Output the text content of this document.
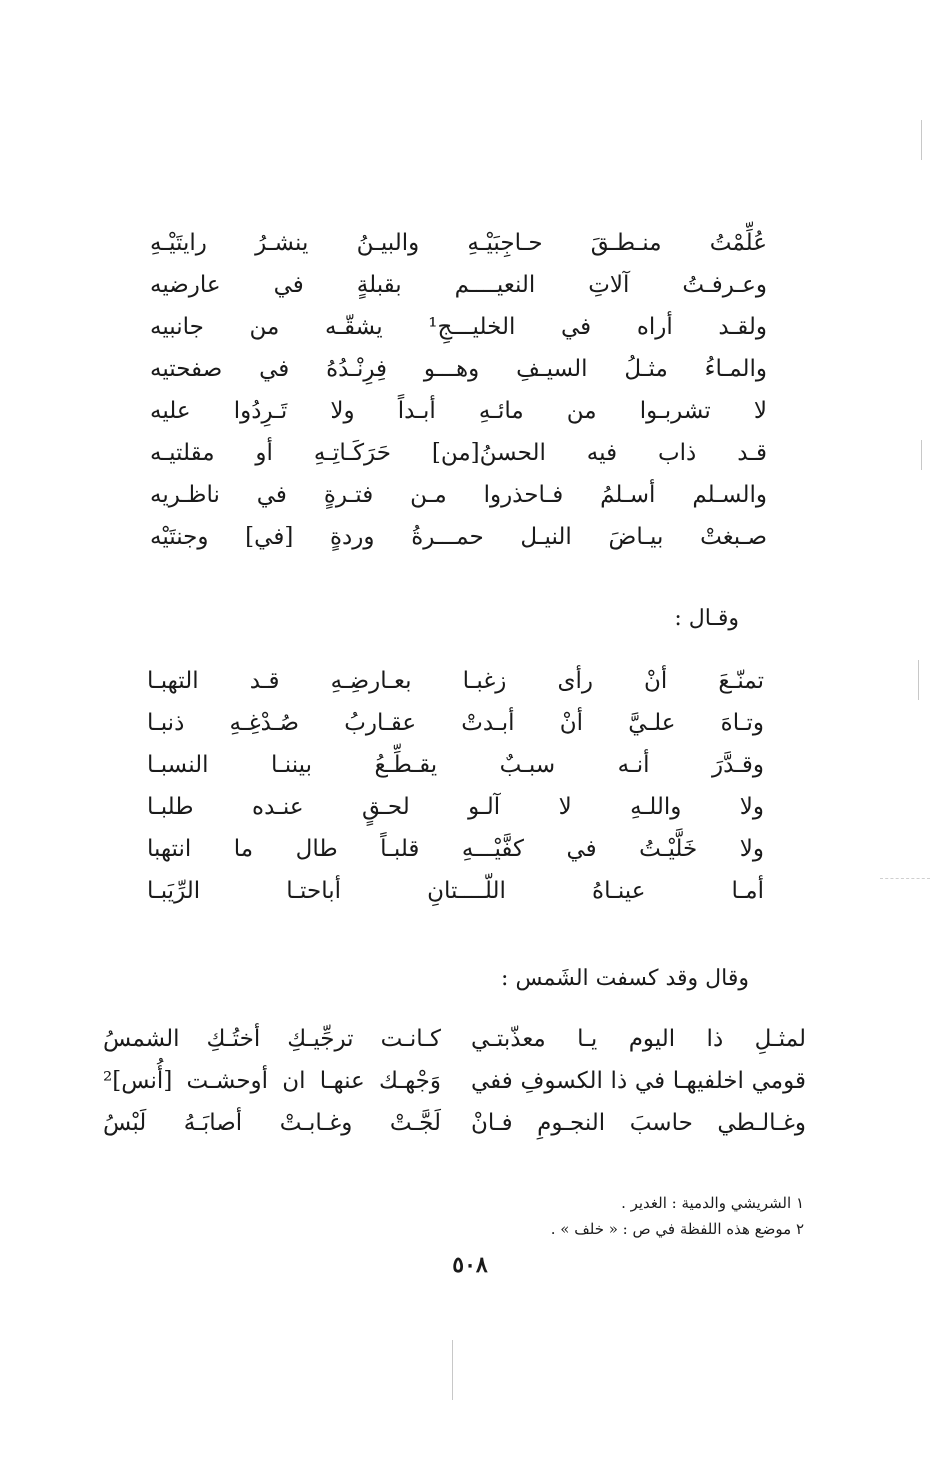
عُلِّمْتُ منـطـقَ حـاجِبَيْـهِ والبيـنُ ينشـرُ رايتَيْـهِ
وعـرفـتُ آلاتِ النعيــــم بقبلةٍ في عارضيه
ولقـد أراه في الخليـــجِ¹ يشقّـه من جانبيه
والمـاءُ مثـلُ السيـفِ وهـــو فِرِنْـدُهُ في صفحتيه
لا تشربـوا من مائـهِ أبـداً ولا تَـرِدُوا عليه
قـد ذاب فيه الحسنُ[من] حَرَكَـاتِـهِ أو مقلتيـه
والسـلم أسـلمُ فـاحذروا مـن فتـرةٍ في ناظـريه
صـبغتْ بيـاضَ النيـل حمـــرةُ وردةٍ [في] وجنتَيْه
وقـال :
تمنّـعَ أنْ رأى زغبـا بعـارضِـهِ قـد التهبـا
وتـاهَ علـيَّ أنْ أبـدتْ عقـاربُ صُـدْغِـهِ ذنبـا
وقـدَّرَ أنـه سبـبٌ يقـطِّـعُ بيننـا النسبـا
ولا واللـهِ لا آلـو لحـقٍ عنـده طلبـا
ولا خَلَّيْـتُ في كفَّيْـــهِ قلبـاً طال ما انتهبا
أمـا عينـاهُ اللّــــتانِ أباحتـا الرِّيَبـا
وقال وقد كسفت الشَمس :
لمثـلِ ذا اليوم يـا معذّبتـي
كـانـت ترجِّيـكِ أختُـكِ الشمسُ
قومي اخلفيهـا في ذا الكسوفِ ففي
وَجْهـك عنهـا ان أوحشـت [أُنس]²
وغـالـطي حاسبَ النجـومِ فـانْ
لَجَّـتْ وغـابـتْ أصابَـهُ لَبْسُ
١ الشريشي والدمية : الغدير .
٢ موضع هذه اللفظة في ص : « خلف » .
٥٠٨
